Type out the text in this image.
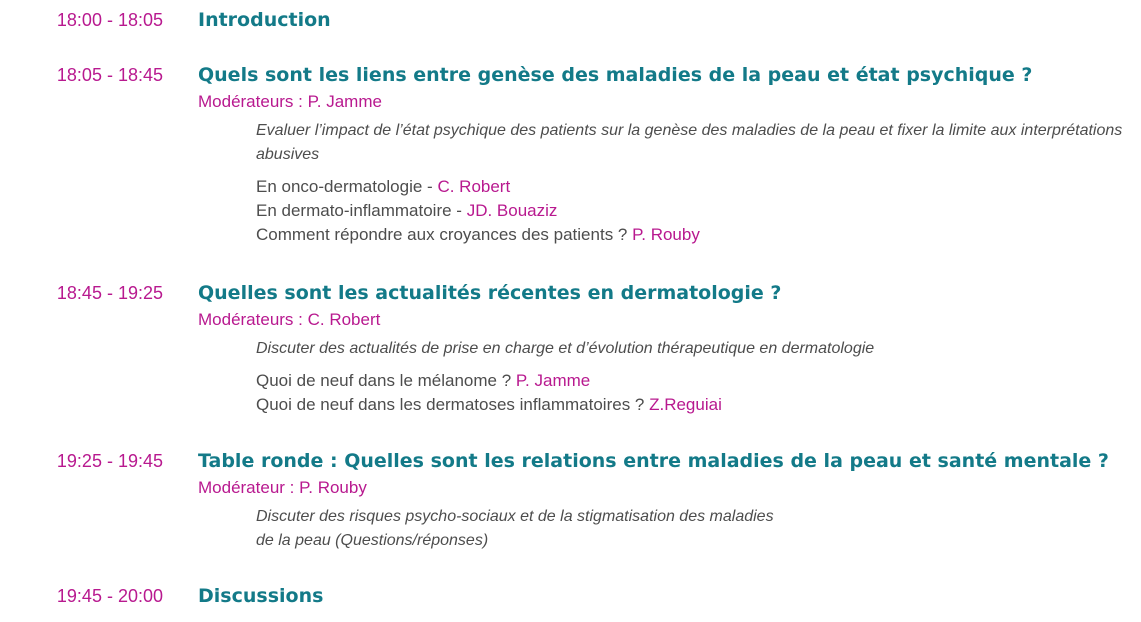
18:00 - 18:05 Introduction
18:05 - 18:45 Quels sont les liens entre genèse des maladies de la peau et état psychique ?
Modérateurs : P. Jamme
Evaluer l’impact de l’état psychique des patients sur la genèse des maladies de la peau et fixer la limite aux interprétations abusives
En onco-dermatologie - C. Robert
En dermato-inflammatoire - JD. Bouaziz
Comment répondre aux croyances des patients ? P. Rouby
18:45 - 19:25 Quelles sont les actualités récentes en dermatologie ?
Modérateurs : C. Robert
Discuter des actualités de prise en charge et d’évolution thérapeutique en dermatologie
Quoi de neuf dans le mélanome ? P. Jamme
Quoi de neuf dans les dermatoses inflammatoires ? Z.Reguiai
19:25 - 19:45 Table ronde : Quelles sont les relations entre maladies de la peau et santé mentale ?
Modérateur : P. Rouby
Discuter des risques psycho-sociaux et de la stigmatisation des maladies
de la peau (Questions/réponses)
19:45 - 20:00 Discussions
